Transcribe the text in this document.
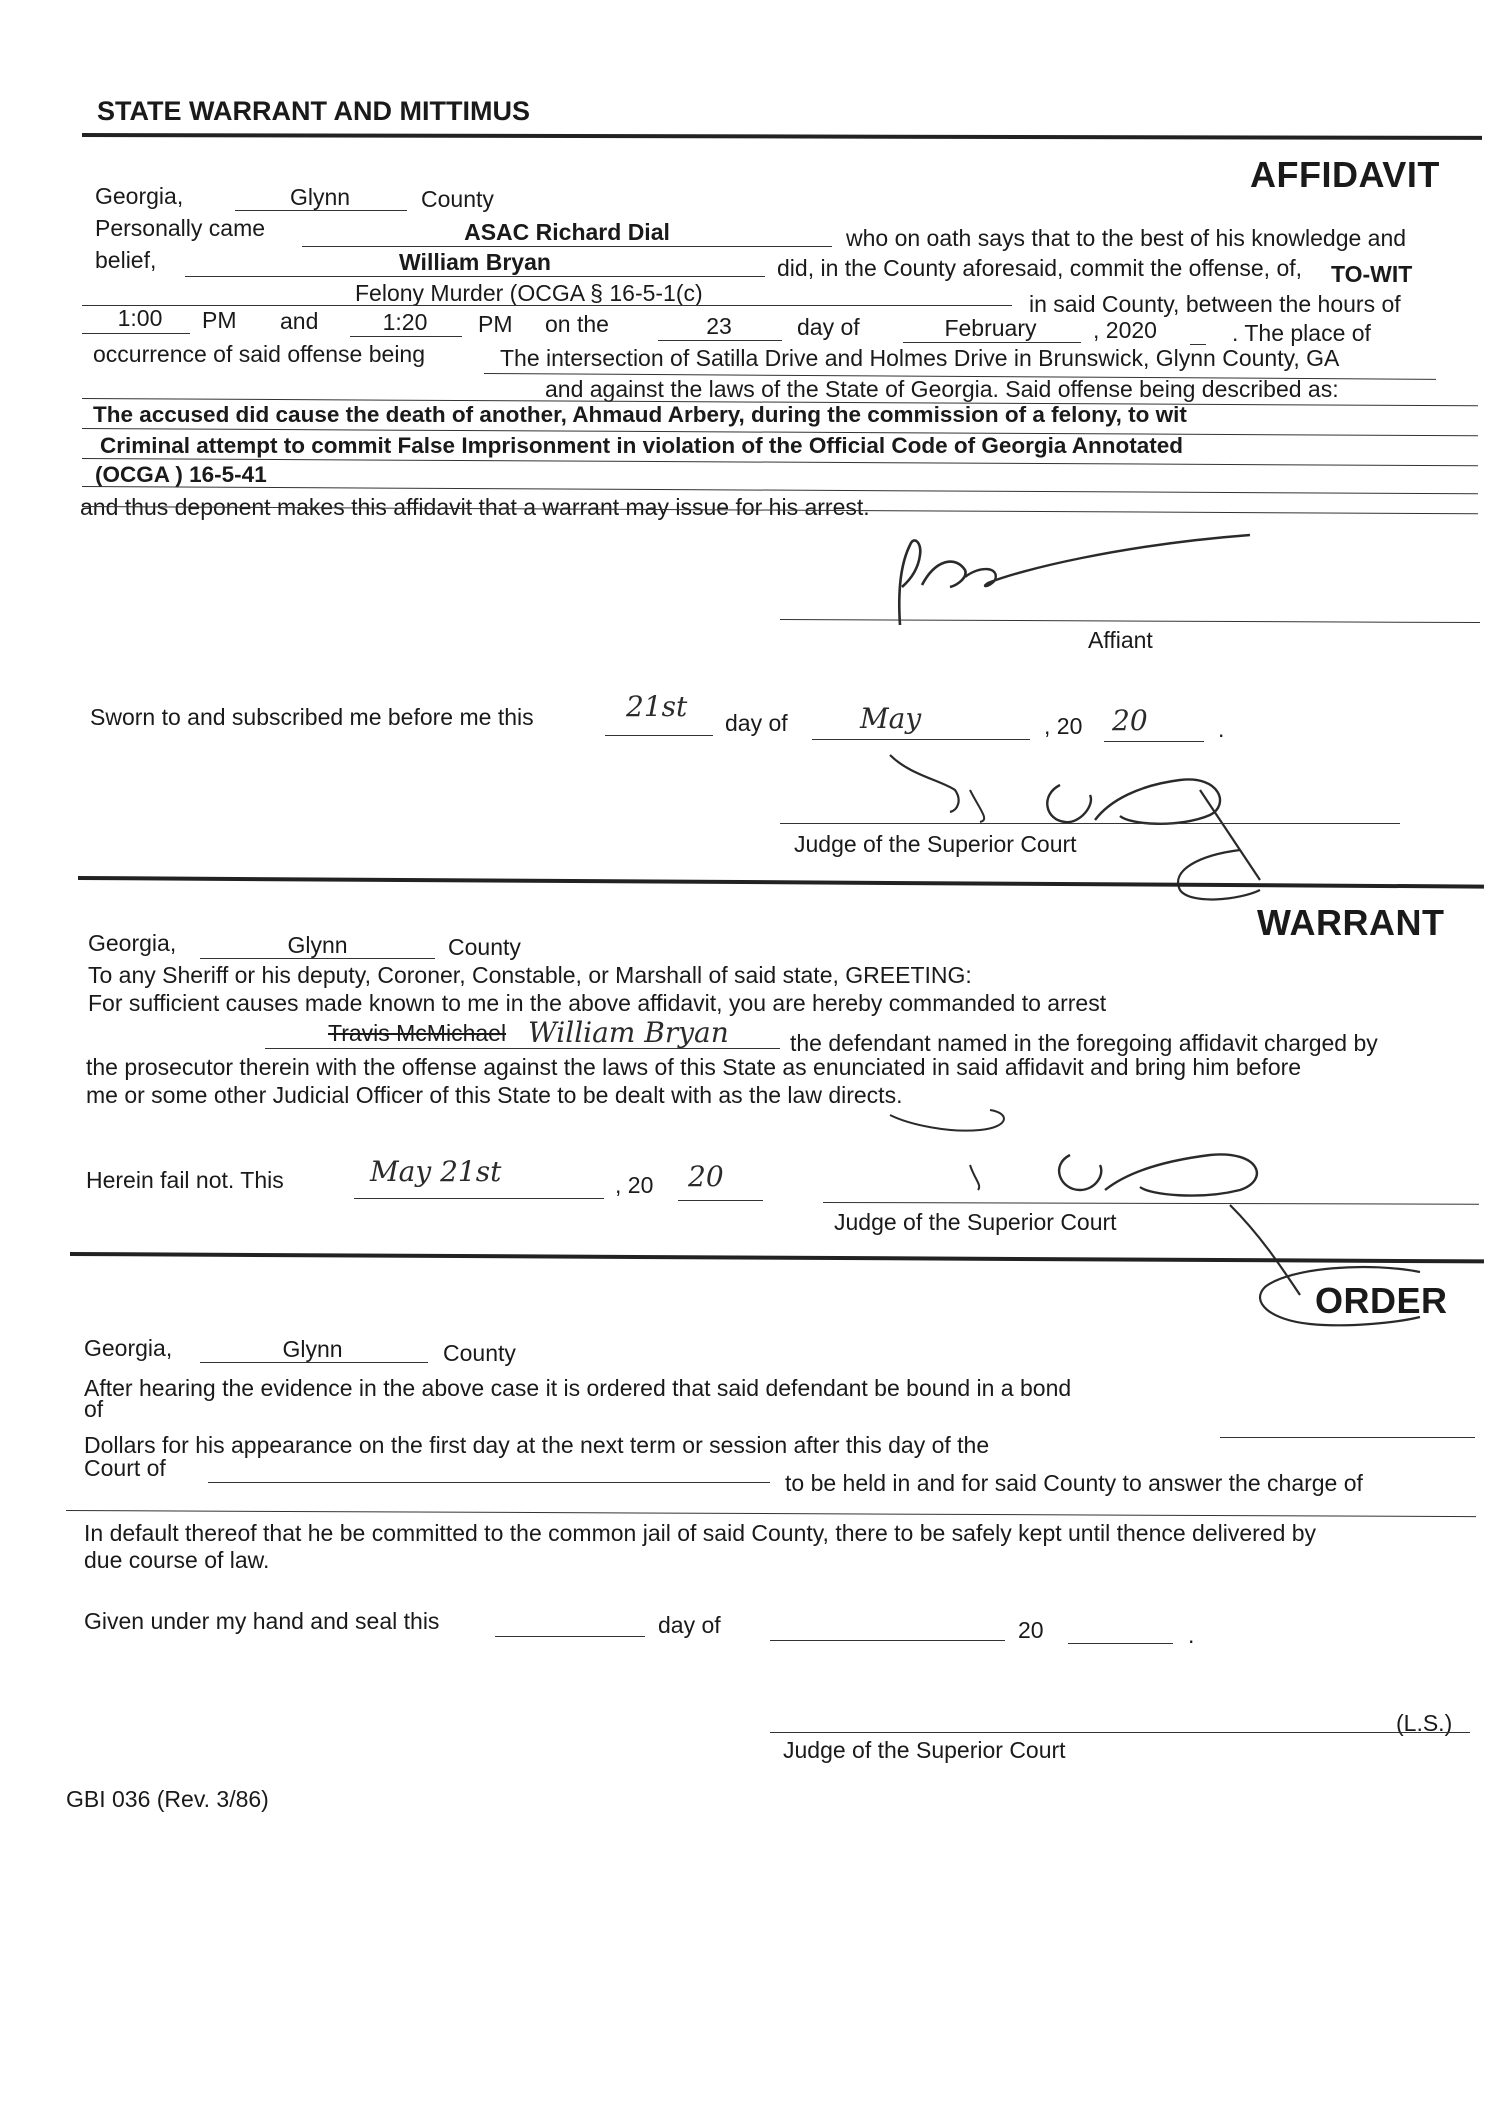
STATE WARRANT AND MITTIMUS
AFFIDAVIT
Georgia,	Glynn	County
Personally came	ASAC Richard Dial	who on oath says that to the best of his knowledge and
belief,	William Bryan	did, in the County aforesaid, commit the offense, of, TO-WIT
Felony Murder (OCGA § 16-5-1(c)	in said County, between the hours of
1:00	PM and	1:20	PM on the	23	day of	February	, 2020	. The place of
occurrence of said offense being	The intersection of Satilla Drive and Holmes Drive in Brunswick, Glynn County, GA
and against the laws of the State of Georgia. Said offense being described as:
The accused did cause the death of another, Ahmaud Arbery, during the commission of a felony, to wit
Criminal attempt to commit False Imprisonment in violation of the Official Code of Georgia Annotated
(OCGA ) 16-5-41
and thus deponent makes this affidavit that a warrant may issue for his arrest.
Affiant
Sworn to and subscribed me before me this	21st day of	May	, 20 20	.
Judge of the Superior Court
WARRANT
Georgia,	Glynn	County
To any Sheriff or his deputy, Coroner, Constable, or Marshall of said state, GREETING:
For sufficient causes made known to me in the above affidavit, you are hereby commanded to arrest
Travis McMichael William Bryan	the defendant named in the foregoing affidavit charged by
the prosecutor therein with the offense against the laws of this State as enunciated in said affidavit and bring him before
me or some other Judicial Officer of this State to be dealt with as the law directs.
Herein fail not. This	May 21st	, 20 20
Judge of the Superior Court
ORDER
Georgia,	Glynn	County
After hearing the evidence in the above case it is ordered that said defendant be bound in a bond
of
Dollars for his appearance on the first day at the next term or session after this day of the
Court of
to be held in and for said County to answer the charge of
In default thereof that he be committed to the common jail of said County, there to be safely kept until thence delivered by
due course of law.
Given under my hand and seal this	day of	20	.
(L.S.)
Judge of the Superior Court
GBI 036 (Rev. 3/86)
